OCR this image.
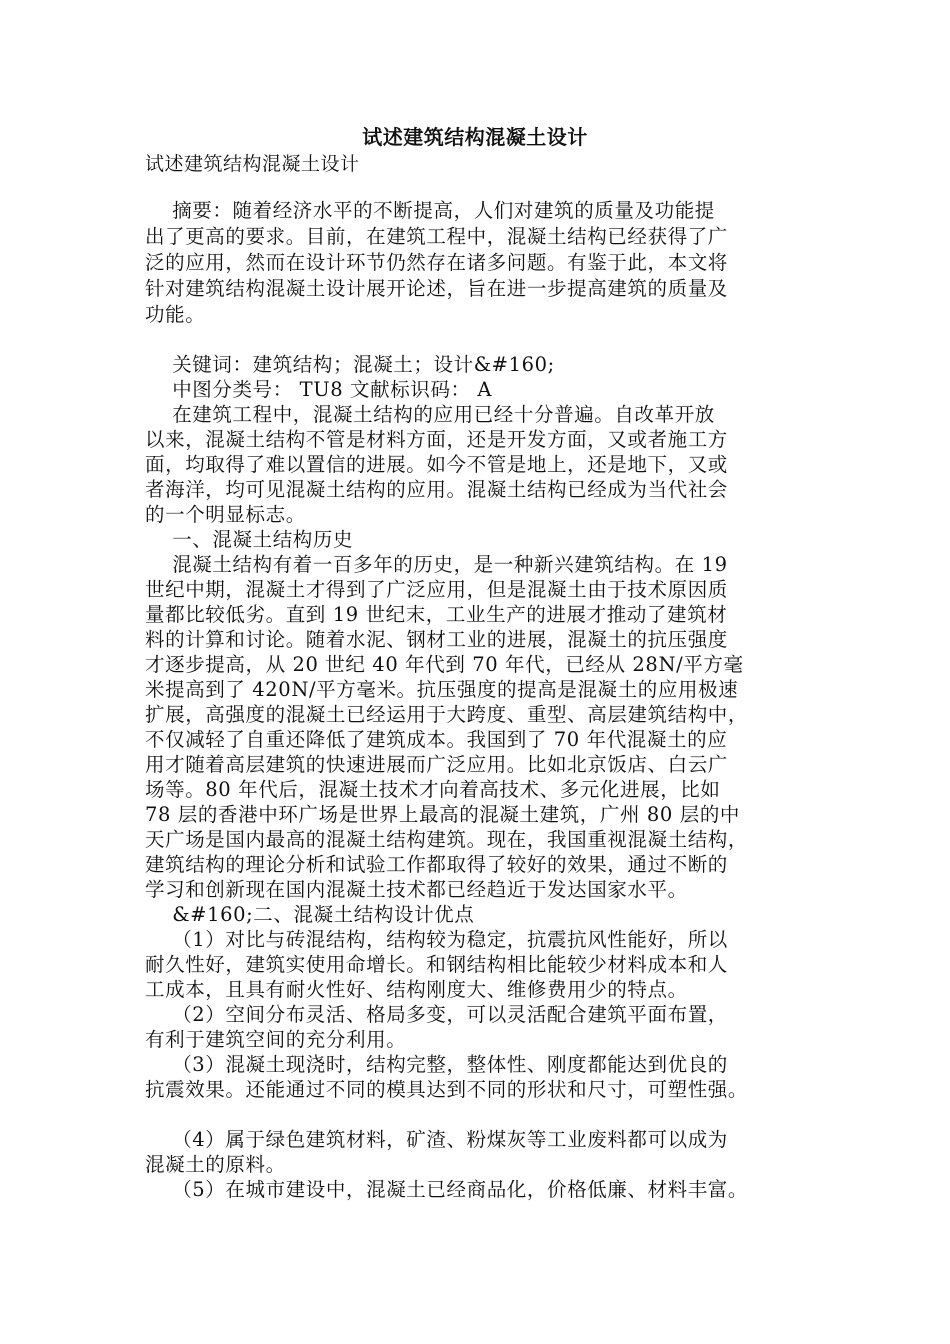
试述建筑结构混凝土设计
试述建筑结构混凝土设计
摘要：随着经济水平的不断提高，人们对建筑的质量及功能提
出了更高的要求。目前，在建筑工程中，混凝土结构已经获得了广
泛的应用，然而在设计环节仍然存在诸多问题。有鉴于此，本文将
针对建筑结构混凝土设计展开论述，旨在进一步提高建筑的质量及
功能。
关键词：建筑结构；混凝土；设计&#160;
中图分类号： TU8 文献标识码： A
在建筑工程中，混凝土结构的应用已经十分普遍。自改革开放
以来，混凝土结构不管是材料方面，还是开发方面，又或者施工方
面，均取得了难以置信的进展。如今不管是地上，还是地下，又或
者海洋，均可见混凝土结构的应用。混凝土结构已经成为当代社会
的一个明显标志。
一、混凝土结构历史
混凝土结构有着一百多年的历史，是一种新兴建筑结构。在 19
世纪中期，混凝土才得到了广泛应用，但是混凝土由于技术原因质
量都比较低劣。直到 19 世纪末，工业生产的进展才推动了建筑材
料的计算和讨论。随着水泥、钢材工业的进展，混凝土的抗压强度
才逐步提高，从 20 世纪 40 年代到 70 年代，已经从 28N/平方毫
米提高到了 420N/平方毫米。抗压强度的提高是混凝土的应用极速
扩展，高强度的混凝土已经运用于大跨度、重型、高层建筑结构中，
不仅减轻了自重还降低了建筑成本。我国到了 70 年代混凝土的应
用才随着高层建筑的快速进展而广泛应用。比如北京饭店、白云广
场等。80 年代后，混凝土技术才向着高技术、多元化进展，比如
78 层的香港中环广场是世界上最高的混凝土建筑，广州 80 层的中
天广场是国内最高的混凝土结构建筑。现在，我国重视混凝土结构，
建筑结构的理论分析和试验工作都取得了较好的效果，通过不断的
学习和创新现在国内混凝土技术都已经趋近于发达国家水平。
&#160;二、混凝土结构设计优点
（1）对比与砖混结构，结构较为稳定，抗震抗风性能好，所以
耐久性好，建筑实使用命增长。和钢结构相比能较少材料成本和人
工成本，且具有耐火性好、结构刚度大、维修费用少的特点。
（2）空间分布灵活、格局多变，可以灵活配合建筑平面布置，
有利于建筑空间的充分利用。
（3）混凝土现浇时，结构完整，整体性、刚度都能达到优良的
抗震效果。还能通过不同的模具达到不同的形状和尺寸，可塑性强。
（4）属于绿色建筑材料，矿渣、粉煤灰等工业废料都可以成为
混凝土的原料。
（5）在城市建设中，混凝土已经商品化，价格低廉、材料丰富。
